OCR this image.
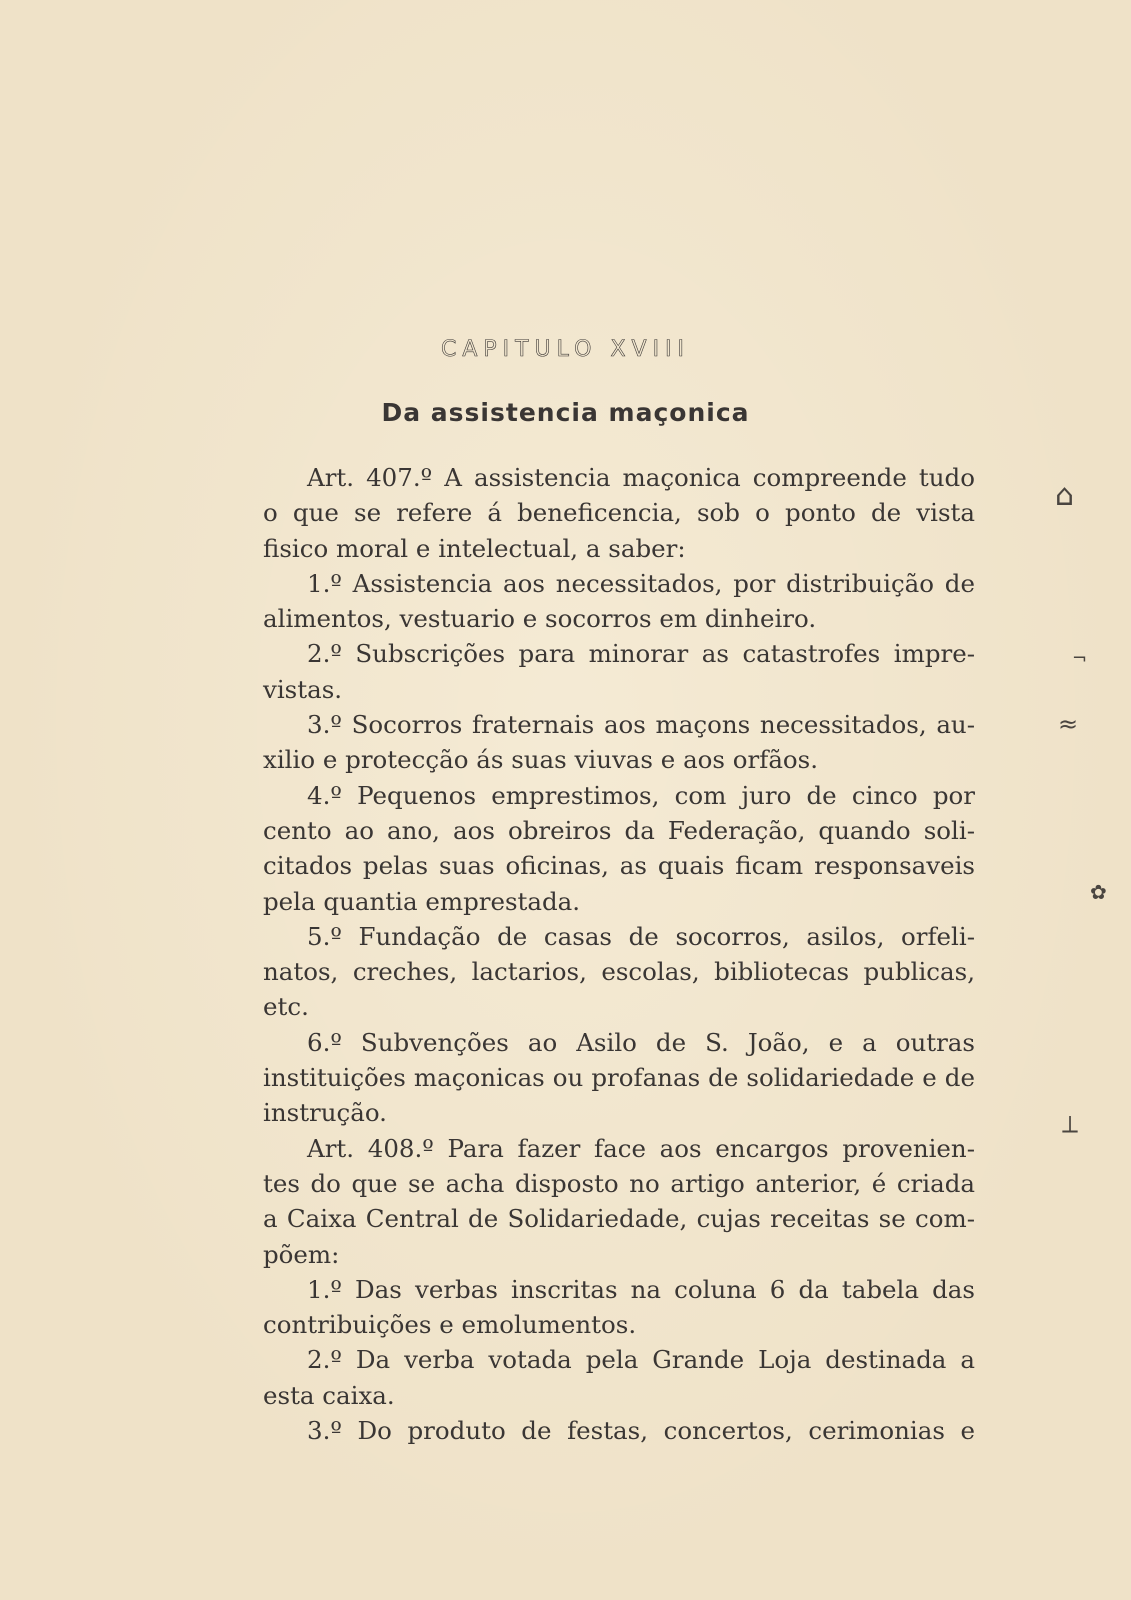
CAPITULO XVIII
Da assistencia maçonica
Art. 407.º A assistencia maçonica compreende tudo
o que se refere á beneficencia, sob o ponto de vista
fisico moral e intelectual, a saber:
1.º Assistencia aos necessitados, por distribuição de
alimentos, vestuario e socorros em dinheiro.
2.º Subscrições para minorar as catastrofes impre-
vistas.
3.º Socorros fraternais aos maçons necessitados, au-
xilio e protecção ás suas viuvas e aos orfãos.
4.º Pequenos emprestimos, com juro de cinco por
cento ao ano, aos obreiros da Federação, quando soli-
citados pelas suas oficinas, as quais ficam responsaveis
pela quantia emprestada.
5.º Fundação de casas de socorros, asilos, orfeli-
natos, creches, lactarios, escolas, bibliotecas publicas,
etc.
6.º Subvenções ao Asilo de S. João, e a outras
instituições maçonicas ou profanas de solidariedade e de
instrução.
Art. 408.º Para fazer face aos encargos provenien-
tes do que se acha disposto no artigo anterior, é criada
a Caixa Central de Solidariedade, cujas receitas se com-
põem:
1.º Das verbas inscritas na coluna 6 da tabela das
contribuições e emolumentos.
2.º Da verba votada pela Grande Loja destinada a
esta caixa.
3.º Do produto de festas, concertos, cerimonias e
⌂
¬
≈
✿
⟂
